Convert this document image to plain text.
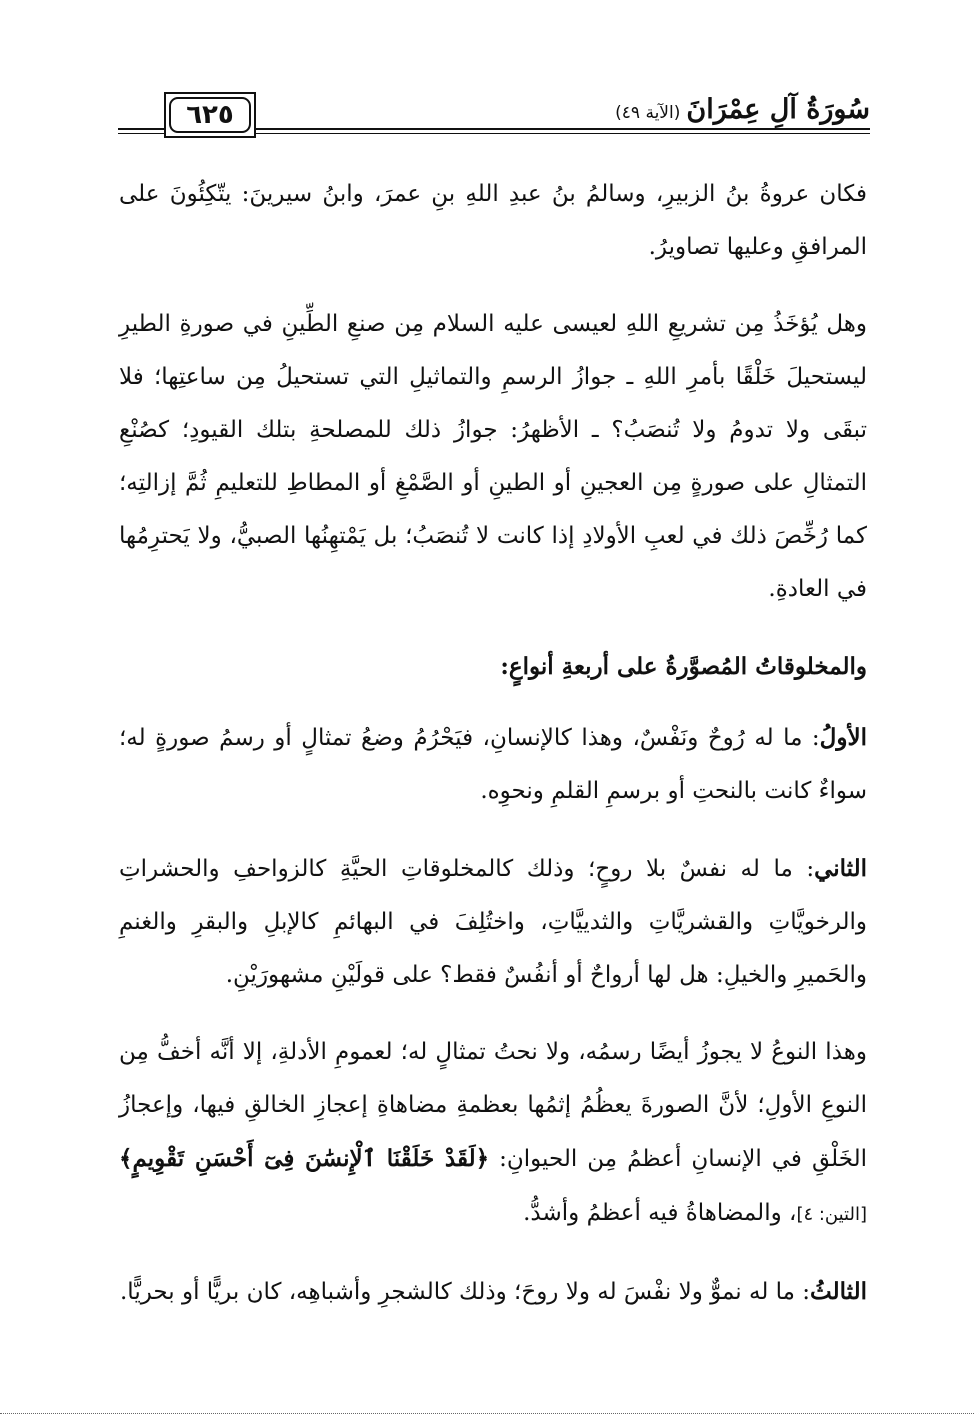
٦٢٥	سُورَةُ آلِ عِمْرَانَ
(الآية ٤٩)

فكان عروةُ بنُ الزبيرِ، وسالمُ بنُ عبدِ اللهِ بنِ عمرَ، وابنُ سيرينَ: يتّكِئُونَ على المرافقِ وعليها تصاويرُ.

وهل يُؤخَذُ مِن تشريعِ اللهِ لعيسى عليه السلام مِن صنعِ الطِّينِ في صورةِ الطيرِ ليستحيلَ خَلْقًا بأمرِ اللهِ ـ جوازُ الرسمِ والتماثيلِ التي تستحيلُ مِن ساعتِها؛ فلا تبقَى ولا تدومُ ولا تُنصَبُ؟ ـ الأظهرُ: جوازُ ذلك للمصلحةِ بتلك القيودِ؛ كصُنْعِ التمثالِ على صورةٍ مِن العجينِ أو الطينِ أو الصَّمْغِ أو المطاطِ للتعليمِ ثُمَّ إزالتِه؛ كما رُخِّصَ ذلك في لعبِ الأولادِ إذا كانت لا تُنصَبُ؛ بل يَمْتهِنُها الصبيُّ، ولا يَحترِمُها في العادةِ.

والمخلوقاتُ المُصوَّرةُ على أربعةِ أنواعٍ:

الأولُ: ما له رُوحٌ ونَفْسٌ، وهذا كالإنسانِ، فيَحْرُمُ وضعُ تمثالٍ أو رسمُ صورةٍ له؛ سواءٌ كانت بالنحتِ أو برسمِ القلمِ ونحوِه.

الثاني: ما له نفسٌ بلا روحٍ؛ وذلك كالمخلوقاتِ الحيَّةِ كالزواحفِ والحشراتِ والرخويَّاتِ والقشريَّاتِ والثدييَّاتِ، واختُلِفَ في البهائمِ كالإبلِ والبقرِ والغنمِ والحَميرِ والخيلِ: هل لها أرواحٌ أو أنفُسٌ فقط؟ على قولَيْنِ مشهورَيْنِ.

وهذا النوعُ لا يجوزُ أيضًا رسمُه، ولا نحتُ تمثالٍ له؛ لعمومِ الأدلةِ، إلا أنَّه أخفُّ مِن النوعِ الأولِ؛ لأنَّ الصورةَ يعظُمُ إثمُها بعظمةِ مضاهاةِ إعجازِ الخالقِ فيها، وإعجازُ الخَلْقِ في الإنسانِ أعظمُ مِن الحيوانِ: ﴿لَقَدْ خَلَقْنَا ٱلْإِنسَٰنَ فِىٓ أَحْسَنِ تَقْوِيمٍ﴾ [التين: ٤]، والمضاهاةُ فيه أعظمُ وأشدُّ.

الثالثُ: ما له نموٌّ ولا نفْسَ له ولا روحَ؛ وذلك كالشجرِ وأشباهِه، كان بريًّا أو بحريًّا.
